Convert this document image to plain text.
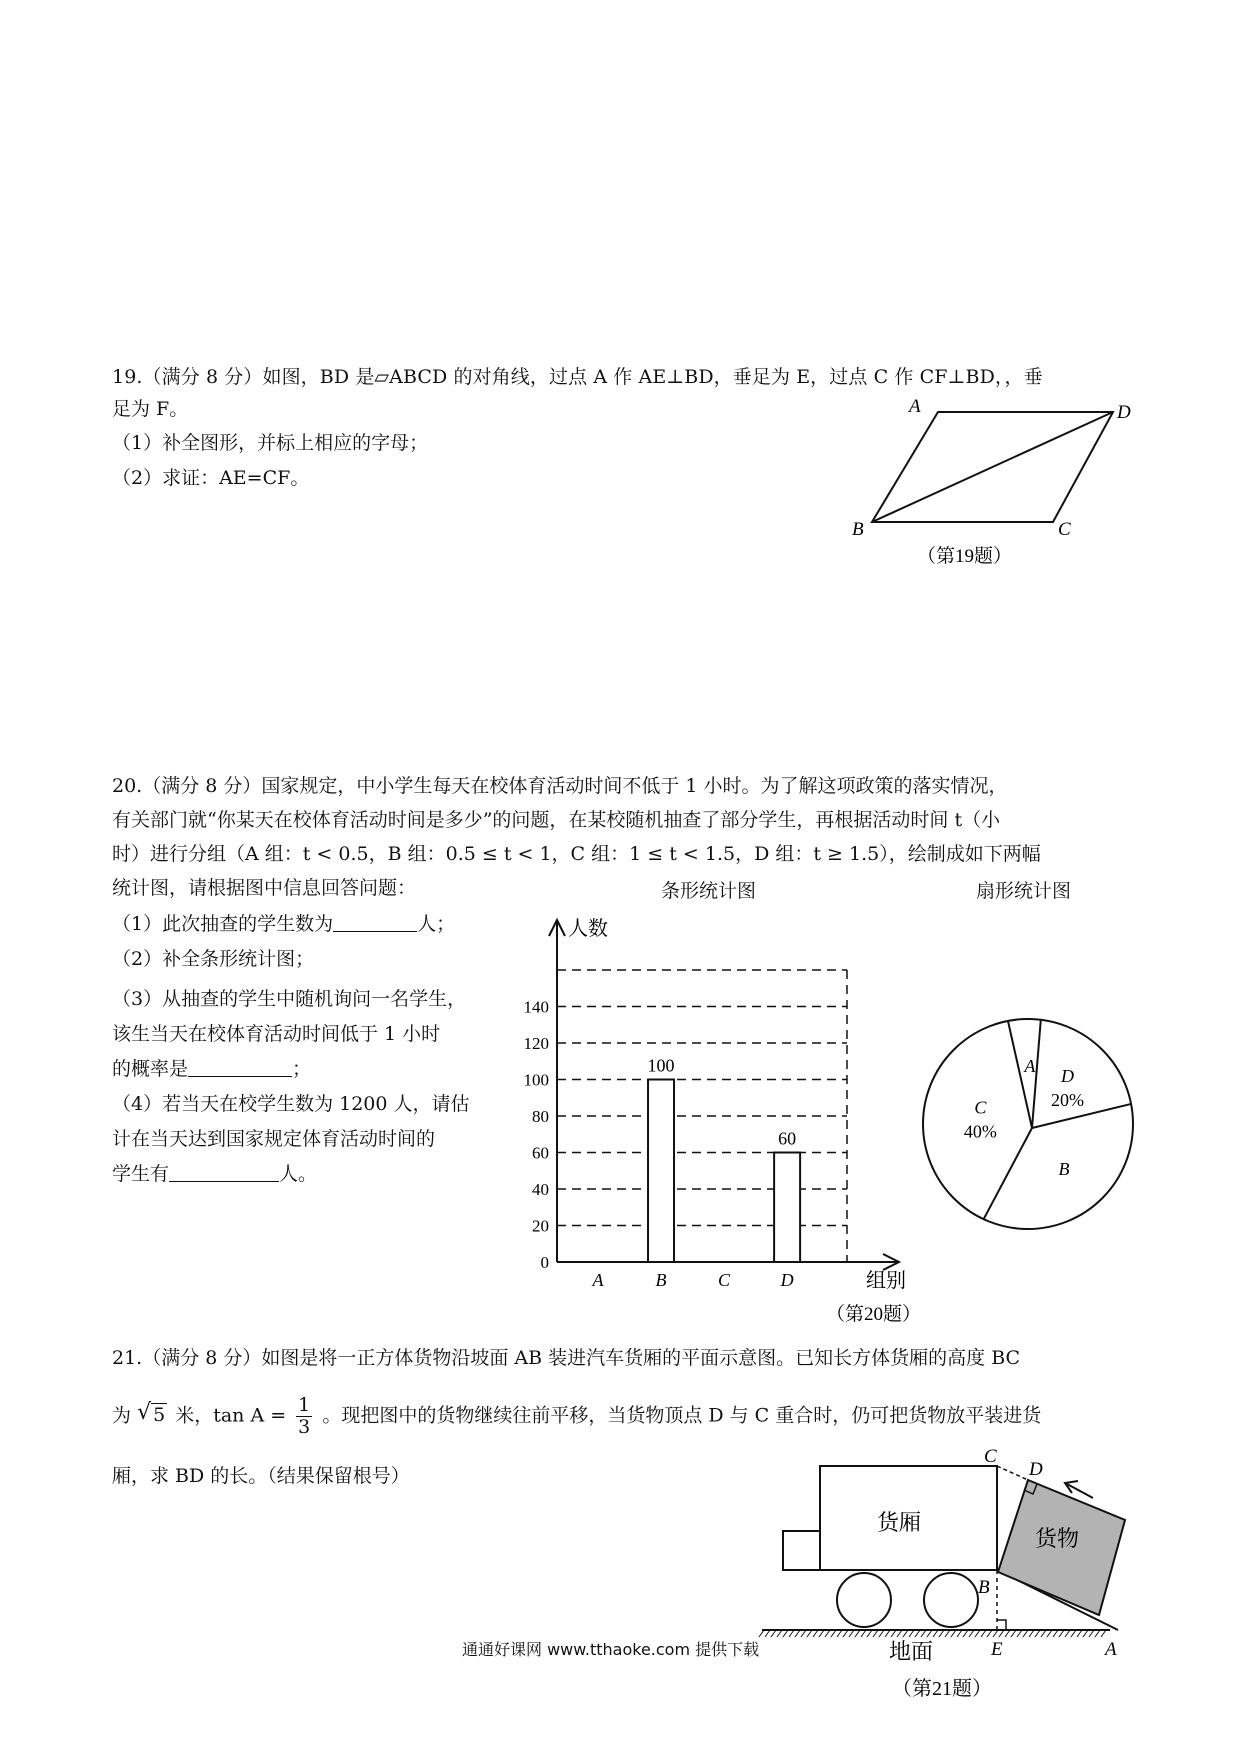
19.（满分 8 分）如图，BD 是▱ABCD 的对角线，过点 A 作 AE⊥BD，垂足为 E，过点 C 作 CF⊥BD，，垂
足为 F。
（1）补全图形，并标上相应的字母；
（2）求证：AE=CF。
A	D
B	C
（第19题）
20.（满分 8 分）国家规定，中小学生每天在校体育活动时间不低于 1 小时。为了解这项政策的落实情况，
有关部门就“你某天在校体育活动时间是多少”的问题，在某校随机抽查了部分学生，再根据活动时间 t（小
时）进行分组（A 组：t < 0.5，B 组：0.5 ≤ t < 1，C 组：1 ≤ t < 1.5，D 组：t ≥ 1.5），绘制成如下两幅
统计图，请根据图中信息回答问题：	条形统计图	扇形统计图
（1）此次抽查的学生数为	人；
（2）补全条形统计图；
（3）从抽查的学生中随机询问一名学生，
该生当天在校体育活动时间低于 1 小时
的概率是	；
（4）若当天在校学生数为 1200 人，请估
计在当天达到国家规定体育活动时间的
学生有	人。
0
20
40
60
80
100
120
140
A	B
100
C	D
60
人数
组别
（第20题）
A D
20%
B
C
40%
21.（满分 8 分）如图是将一正方体货物沿坡面 AB 装进汽车货厢的平面示意图。已知长方体货厢的高度 BC
为 √ 5 米，$\tan A = \frac{1}{3}$ 。现把图中的货物继续往前平移，当货物顶点 D 与 C 重合时，仍可把货物放平装进货
厢，求 BD 的长。（结果保留根号）
货厢
货物
C
D
B
E	A
地面
（第21题）
通通好课网 www.tthaoke.com 提供下载
